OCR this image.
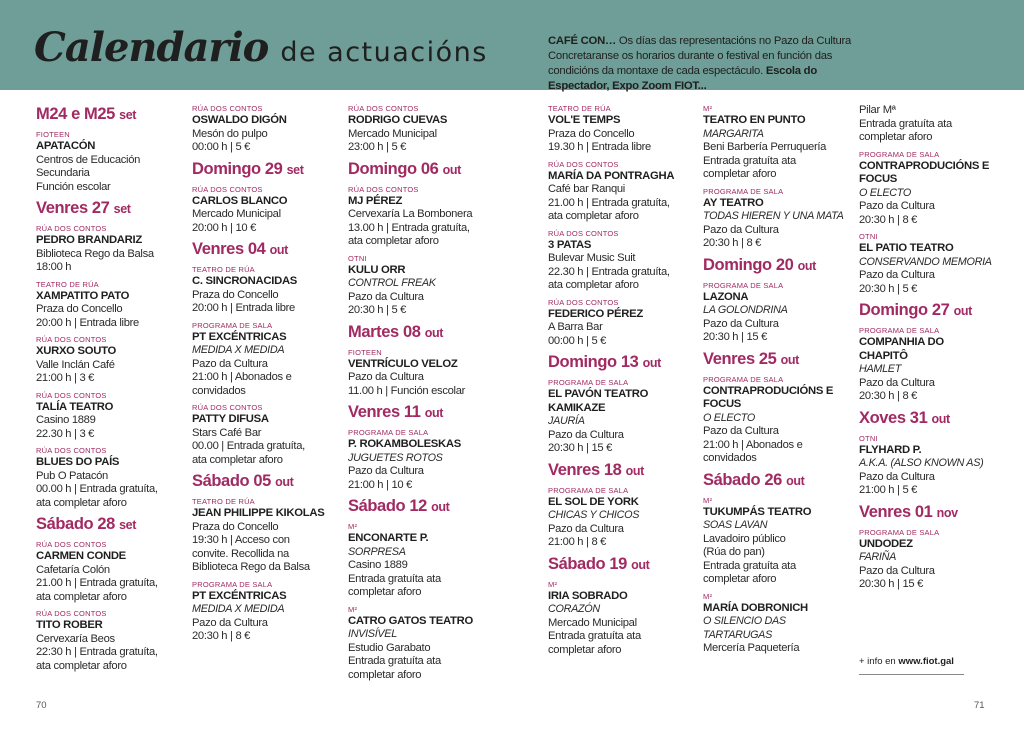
Calendario de actuacións	CAFÉ CON… Os días das representacións no Pazo da Cultura Concretaranse os horarios durante o festival en función das condicións da montaxe de cada espectáculo. Escola do Espectador, Expo Zoom FIOT...
M24 e M25 set
FIOTEEN
APATACÓN
Centros de Educación
Secundaria
Función escolar
Venres 27 set
RÚA DOS CONTOS
PEDRO BRANDARIZ
Biblioteca Rego da Balsa
18:00 h
TEATRO DE RÚA
XAMPATITO PATO
Praza do Concello
20:00 h | Entrada libre
RÚA DOS CONTOS
XURXO SOUTO
Valle Inclán Café
21:00 h | 3 €
RÚA DOS CONTOS
TALÍA TEATRO
Casino 1889
22.30 h | 3 €
RÚA DOS CONTOS
BLUES DO PAÍS
Pub O Patacón
00.00 h | Entrada gratuíta,
ata completar aforo
Sábado 28 set
RÚA DOS CONTOS
CARMEN CONDE
Cafetaría Colón
21.00 h | Entrada gratuíta,
ata completar aforo
RÚA DOS CONTOS
TITO ROBER
Cervexaría Beos
22:30 h | Entrada gratuíta,
ata completar aforo
RÚA DOS CONTOS
OSWALDO DIGÓN
Mesón do pulpo
00:00 h | 5 €
Domingo 29 set
RÚA DOS CONTOS
CARLOS BLANCO
Mercado Municipal
20:00 h | 10 €
Venres 04 out
TEATRO DE RÚA
C. SINCRONACIDAS
Praza do Concello
20:00 h | Entrada libre
PROGRAMA DE SALA
PT EXCÉNTRICAS
MEDIDA X MEDIDA
Pazo da Cultura
21:00 h | Abonados e
convidados
RÚA DOS CONTOS
PATTY DIFUSA
Stars Café Bar
00.00 | Entrada gratuíta,
ata completar aforo
Sábado 05 out
TEATRO DE RÚA
JEAN PHILIPPE KIKOLAS
Praza do Concello
19:30 h | Acceso con
convite. Recollida na
Biblioteca Rego da Balsa
PROGRAMA DE SALA
PT EXCÉNTRICAS
MEDIDA X MEDIDA
Pazo da Cultura
20:30 h | 8 €
RÚA DOS CONTOS
RODRIGO CUEVAS
Mercado Municipal
23:00 h | 5 €
Domingo 06 out
RÚA DOS CONTOS
MJ PÉREZ
Cervexaría La Bombonera
13.00 h | Entrada gratuíta,
ata completar aforo
OTNI
KULU ORR
CONTROL FREAK
Pazo da Cultura
20:30 h | 5 €
Martes 08 out
FIOTEEN
VENTRÍCULO VELOZ
Pazo da Cultura
11.00 h | Función escolar
Venres 11 out
PROGRAMA DE SALA
P. ROKAMBOLESKAS
JUGUETES ROTOS
Pazo da Cultura
21:00 h | 10 €
Sábado 12 out
M²
ENCONARTE P.
SORPRESA
Casino 1889
Entrada gratuíta ata
completar aforo
M²
CATRO GATOS TEATRO
INVISÍVEL
Estudio Garabato
Entrada gratuíta ata
completar aforo
TEATRO DE RÚA
VOL'E TEMPS
Praza do Concello
19.30 h | Entrada libre
RÚA DOS CONTOS
MARÍA DA PONTRAGHA
Café bar Ranqui
21.00 h | Entrada gratuíta,
ata completar aforo
RÚA DOS CONTOS
3 PATAS
Bulevar Music Suit
22.30 h | Entrada gratuíta,
ata completar aforo
RÚA DOS CONTOS
FEDERICO PÉREZ
A Barra Bar
00:00 h | 5 €
Domingo 13 out
PROGRAMA DE SALA
EL PAVÓN TEATRO KAMIKAZE
JAURÍA
Pazo da Cultura
20:30 h | 15 €
Venres 18 out
PROGRAMA DE SALA
EL SOL DE YORK
CHICAS Y CHICOS
Pazo da Cultura
21:00 h | 8 €
Sábado 19 out
M²
IRIA SOBRADO
CORAZÓN
Mercado Municipal
Entrada gratuíta ata
completar aforo
M²
TEATRO EN PUNTO
MARGARITA
Beni Barbería Perruquería
Entrada gratuíta ata
completar aforo
PROGRAMA DE SALA
AY TEATRO
TODAS HIEREN Y UNA MATA
Pazo da Cultura
20:30 h | 8 €
Domingo 20 out
PROGRAMA DE SALA
LAZONA
LA GOLONDRINA
Pazo da Cultura
20:30 h | 15 €
Venres 25 out
PROGRAMA DE SALA
CONTRAPRODUCIÓNS E FOCUS
O ELECTO
Pazo da Cultura
21:00 h | Abonados e
convidados
Sábado 26 out
M²
TUKUMPÁS TEATRO
SOAS LAVAN
Lavadoiro público
(Rúa do pan)
Entrada gratuíta ata
completar aforo
M²
MARÍA DOBRONICH
O SILENCIO DAS TARTARUGAS
Mercería Paquetería
Pilar Mª
Entrada gratuíta ata
completar aforo
PROGRAMA DE SALA
CONTRAPRODUCIÓNS E FOCUS
O ELECTO
Pazo da Cultura
20:30 h | 8 €
OTNI
EL PATIO TEATRO
CONSERVANDO MEMORIA
Pazo da Cultura
20:30 h | 5 €
Domingo 27 out
PROGRAMA DE SALA
COMPANHIA DO CHAPITÔ
HAMLET
Pazo da Cultura
20:30 h | 8 €
Xoves 31 out
OTNI
FLYHARD P.
A.K.A. (ALSO KNOWN AS)
Pazo da Cultura
21:00 h | 5 €
Venres 01 nov
PROGRAMA DE SALA
UNDODEZ
FARIÑA
Pazo da Cultura
20:30 h | 15 €
+ info en www.fiot.gal
70	71
